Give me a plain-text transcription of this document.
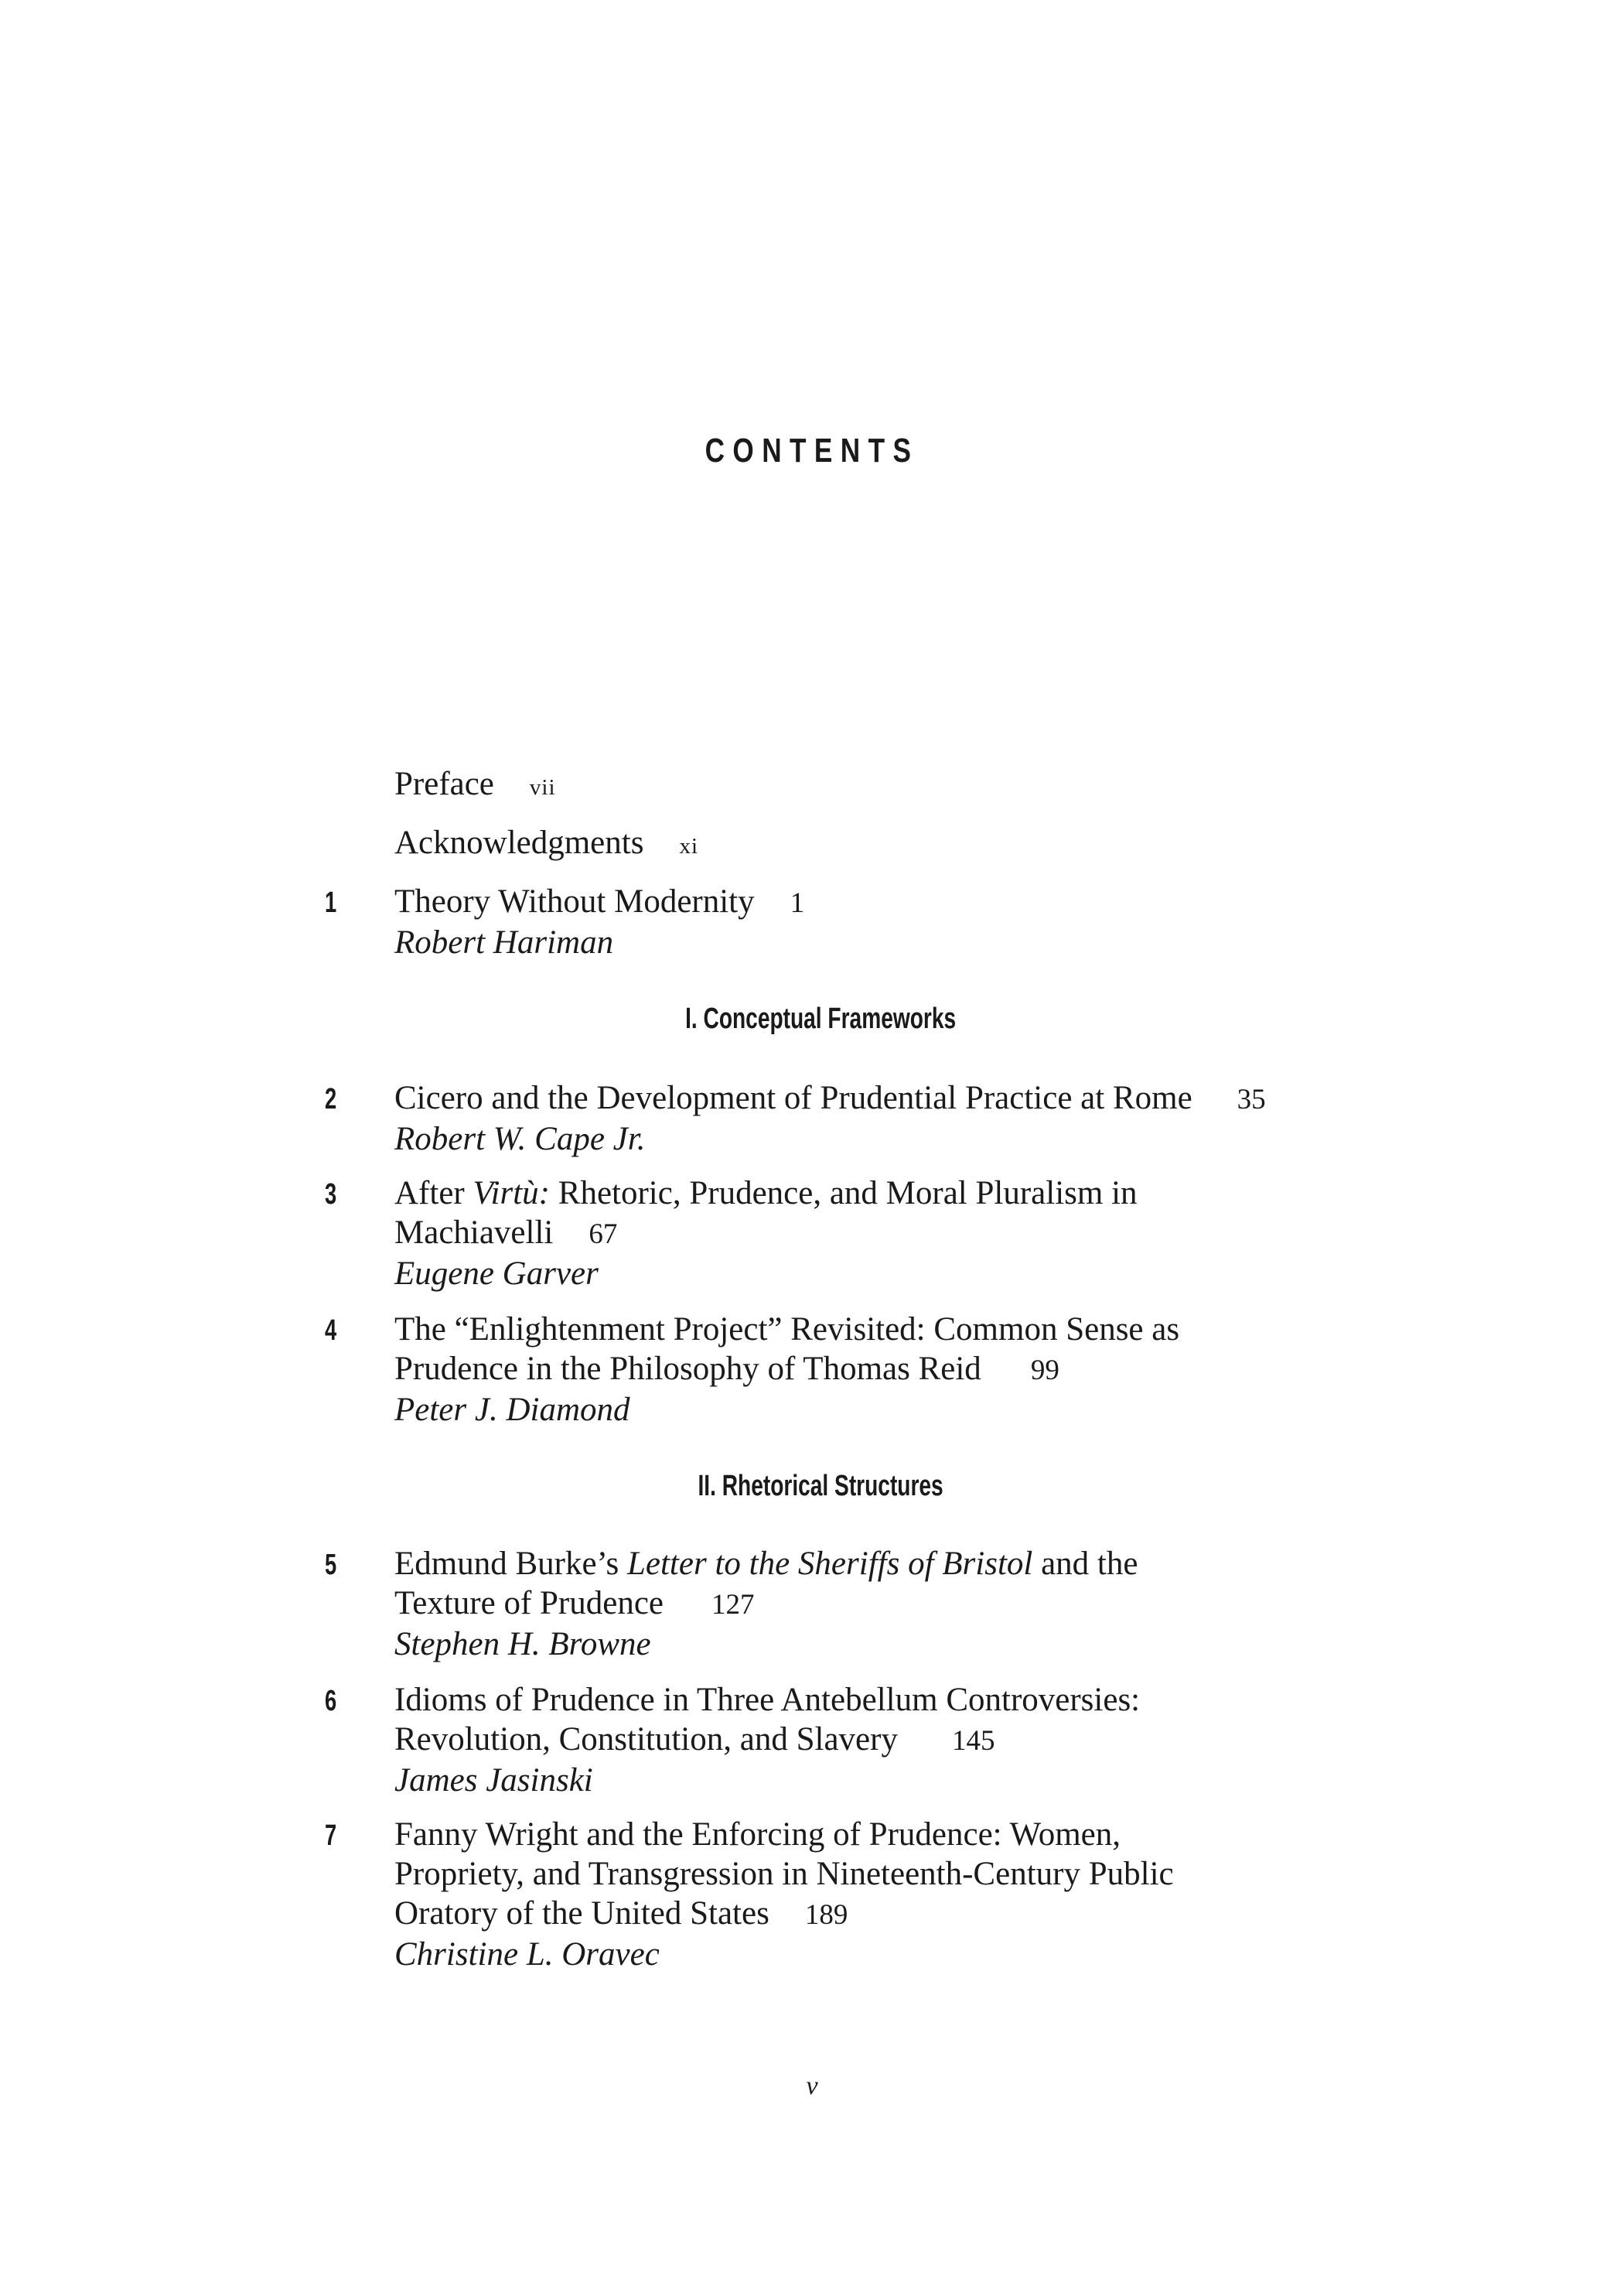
CONTENTS
Preface vii
Acknowledgments xi
1 Theory Without Modernity 1
Robert Hariman
I. Conceptual Frameworks
2 Cicero and the Development of Prudential Practice at Rome 35
Robert W. Cape Jr.
3 After Virtù: Rhetoric, Prudence, and Moral Pluralism in
Machiavelli 67
Eugene Garver
4 The “Enlightenment Project” Revisited: Common Sense as
Prudence in the Philosophy of Thomas Reid 99
Peter J. Diamond
II. Rhetorical Structures
5 Edmund Burke’s Letter to the Sheriffs of Bristol and the
Texture of Prudence 127
Stephen H. Browne
6 Idioms of Prudence in Three Antebellum Controversies:
Revolution, Constitution, and Slavery 145
James Jasinski
7 Fanny Wright and the Enforcing of Prudence: Women,
Propriety, and Transgression in Nineteenth-Century Public
Oratory of the United States 189
Christine L. Oravec
v
